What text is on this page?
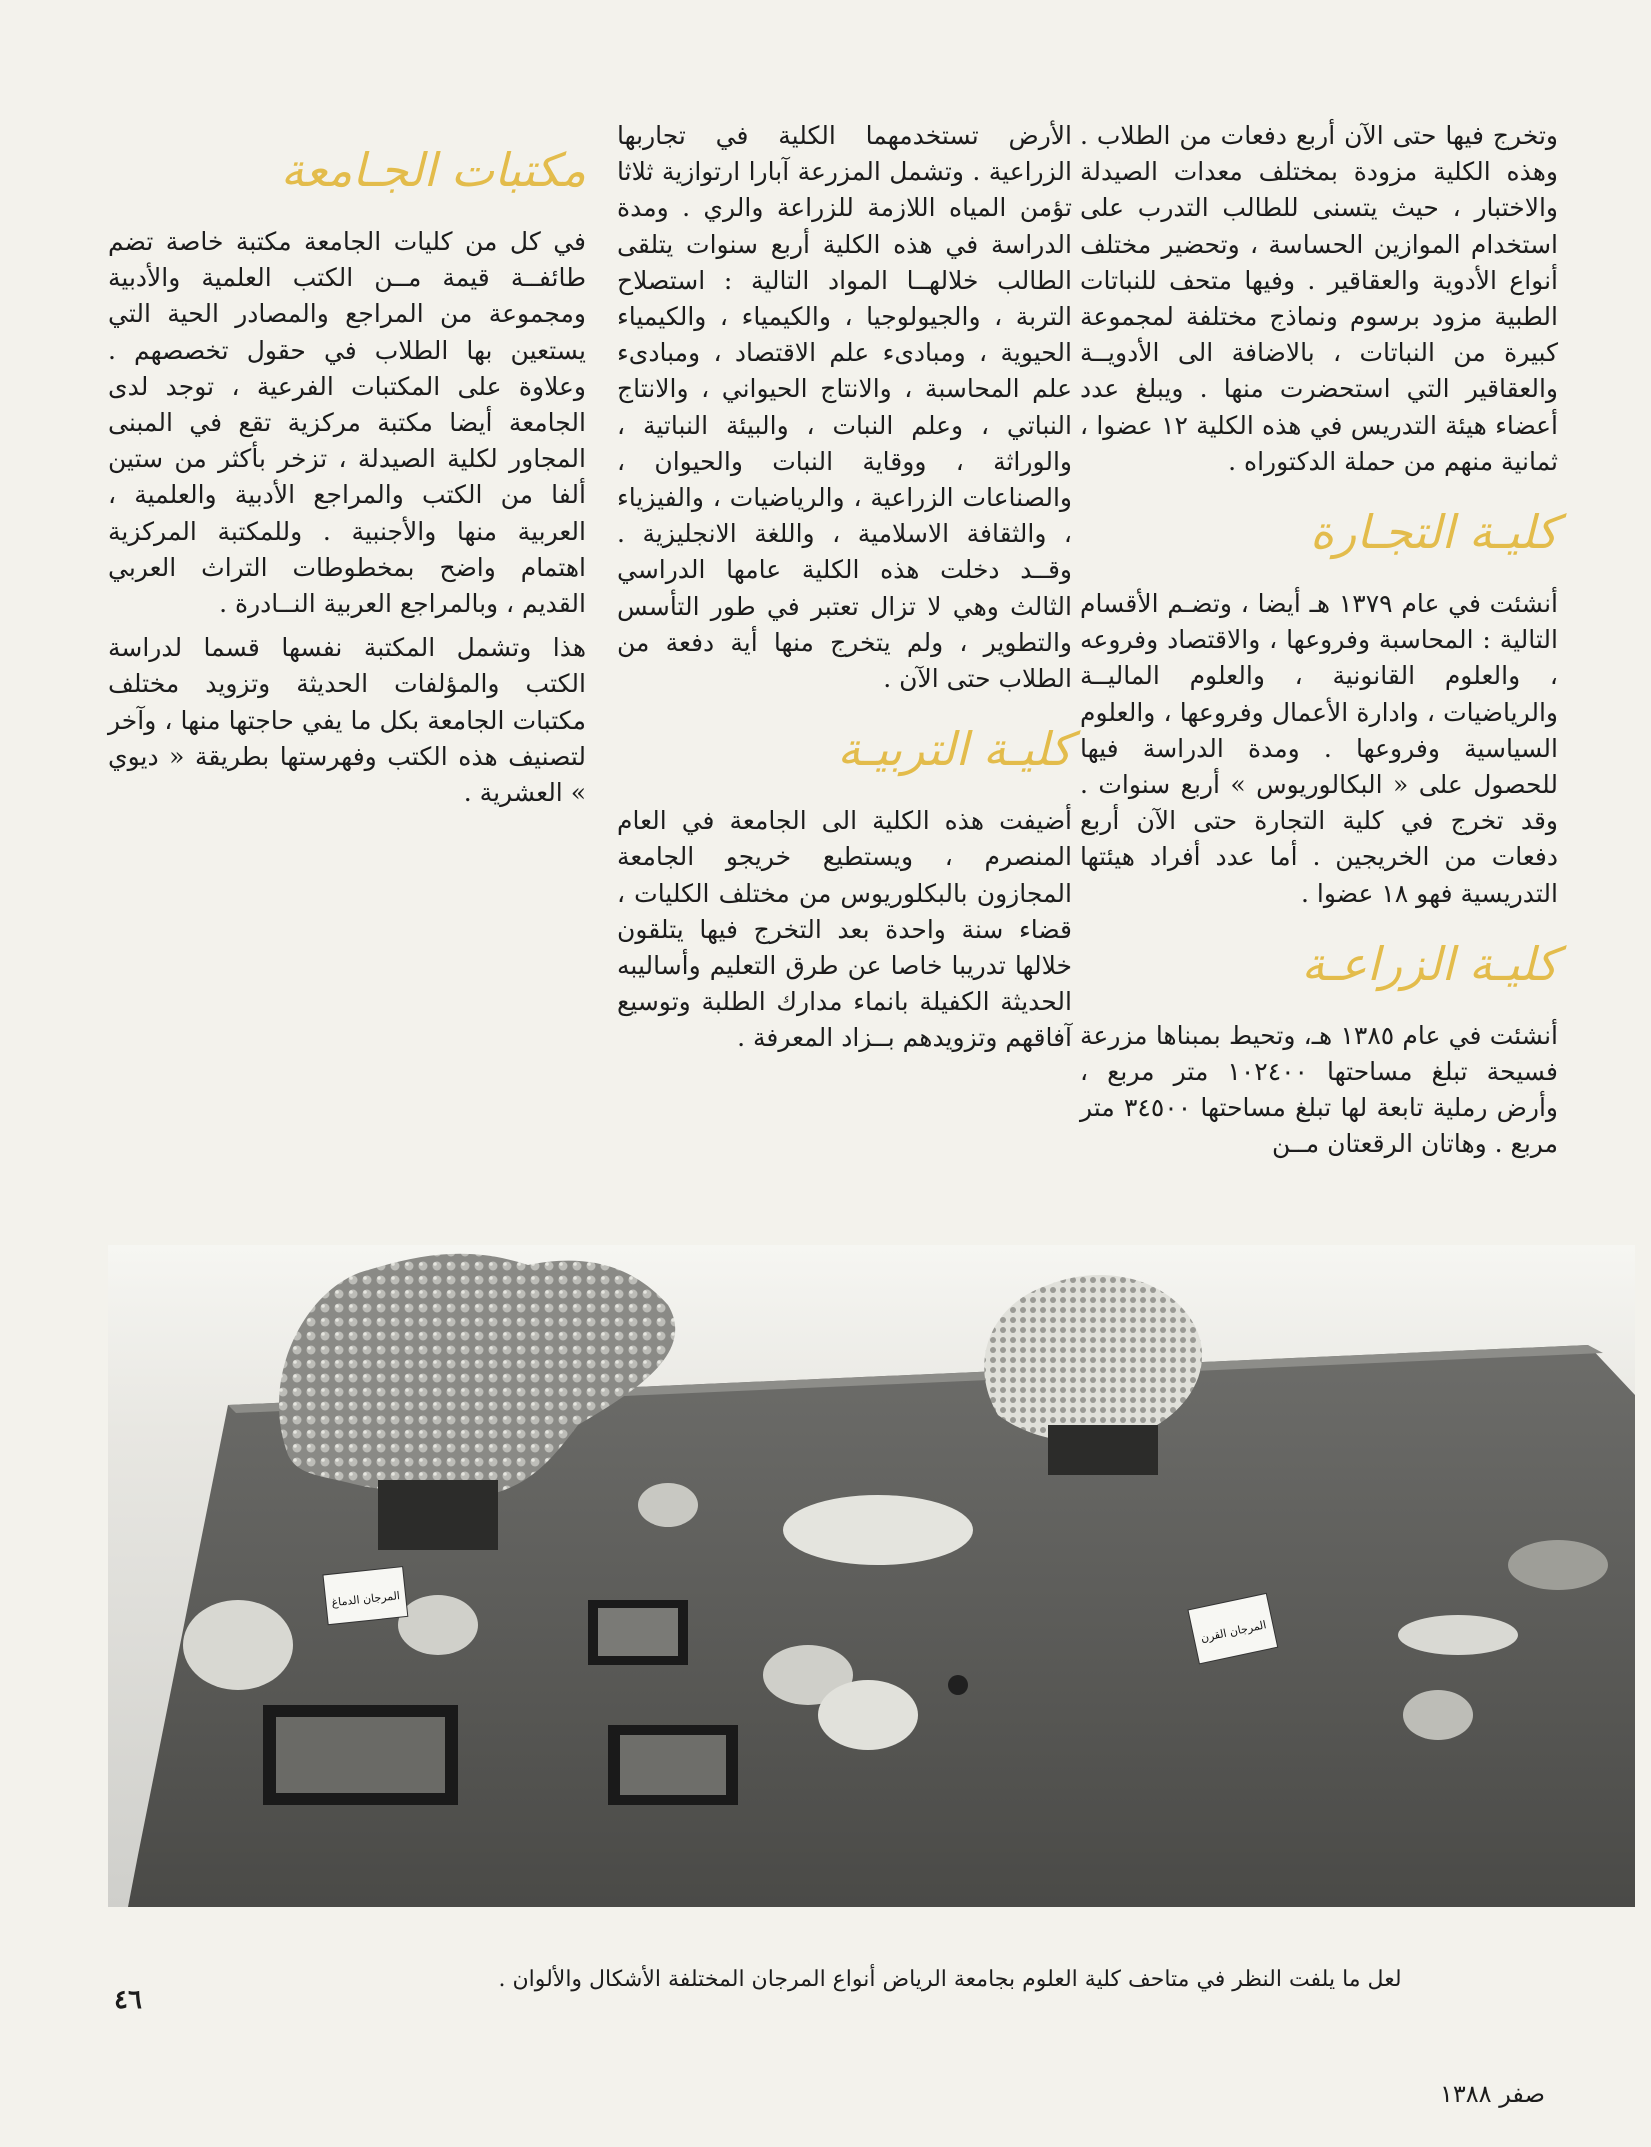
وتخرج فيها حتى الآن أربع دفعات من الطلاب . وهذه الكلية مزودة بمختلف معدات الصيدلة والاختبار ، حيث يتسنى للطالب التدرب على استخدام الموازين الحساسة ، وتحضير مختلف أنواع الأدوية والعقاقير . وفيها متحف للنباتات الطبية مزود برسوم ونماذج مختلفة لمجموعة كبيرة من النباتات ، بالاضافة الى الأدويــة والعقاقير التي استحضرت منها . ويبلغ عدد أعضاء هيئة التدريس في هذه الكلية ١٢ عضوا ، ثمانية منهم من حملة الدكتوراه .

كليـة التجـارة

أنشئت في عام ١٣٧٩ هـ أيضا ، وتضـم الأقسام التالية : المحاسبة وفروعها ، والاقتصاد وفروعه ، والعلوم القانونية ، والعلوم الماليــة والرياضيات ، وادارة الأعمال وفروعها ، والعلوم السياسية وفروعها . ومدة الدراسة فيها للحصول على « البكالوريوس » أربع سنوات . وقد تخرج في كلية التجارة حتى الآن أربع دفعات من الخريجين . أما عدد أفراد هيئتها التدريسية فهو ١٨ عضوا .

كليـة الزراعـة

أنشئت في عام ١٣٨٥ هـ، وتحيط بمبناها مزرعة فسيحة تبلغ مساحتها ١٠٢٤٠٠ متر مربع ، وأرض رملية تابعة لها تبلغ مساحتها ٣٤٥٠٠ متر مربع . وهاتان الرقعتان مــن

الأرض تستخدمهما الكلية في تجاربها الزراعية . وتشمل المزرعة آبارا ارتوازية ثلاثا تؤمن المياه اللازمة للزراعة والري . ومدة الدراسة في هذه الكلية أربع سنوات يتلقى الطالب خلالهــا المواد التالية : استصلاح التربة ، والجيولوجيا ، والكيمياء ، والكيمياء الحيوية ، ومبادىء علم الاقتصاد ، ومبادىء علم المحاسبة ، والانتاج الحيواني ، والانتاج النباتي ، وعلم النبات ، والبيئة النباتية ، والوراثة ، ووقاية النبات والحيوان ، والصناعات الزراعية ، والرياضيات ، والفيزياء ، والثقافة الاسلامية ، واللغة الانجليزية . وقــد دخلت هذه الكلية عامها الدراسي الثالث وهي لا تزال تعتبر في طور التأسس والتطوير ، ولم يتخرج منها أية دفعة من الطلاب حتى الآن .

كليـة التربيـة

أضيفت هذه الكلية الى الجامعة في العام المنصرم ، ويستطيع خريجو الجامعة المجازون بالبكلوريوس من مختلف الكليات ، قضاء سنة واحدة بعد التخرج فيها يتلقون خلالها تدريبا خاصا عن طرق التعليم وأساليبه الحديثة الكفيلة بانماء مدارك الطلبة وتوسيع آفاقهم وتزويدهم بــزاد المعرفة .

مكتبات الجـامعة

في كل من كليات الجامعة مكتبة خاصة تضم طائفــة قيمة مــن الكتب العلمية والأدبية ومجموعة من المراجع والمصادر الحية التي يستعين بها الطلاب في حقول تخصصهم . وعلاوة على المكتبات الفرعية ، توجد لدى الجامعة أيضا مكتبة مركزية تقع في المبنى المجاور لكلية الصيدلة ، تزخر بأكثر من ستين ألفا من الكتب والمراجع الأدبية والعلمية ، العربية منها والأجنبية . وللمكتبة المركزية اهتمام واضح بمخطوطات التراث العربي القديم ، وبالمراجع العربية النــادرة .

هذا وتشمل المكتبة نفسها قسما لدراسة الكتب والمؤلفات الحديثة وتزويد مختلف مكتبات الجامعة بكل ما يفي حاجتها منها ، وآخر لتصنيف هذه الكتب وفهرستها بطريقة « ديوي » العشرية .

المرجان الدماغ
المرجان القرن
لعل ما يلفت النظر في متاحف كلية العلوم بجامعة الرياض أنواع المرجان المختلفة الأشكال والألوان .
٤٦
صفر ١٣٨٨
